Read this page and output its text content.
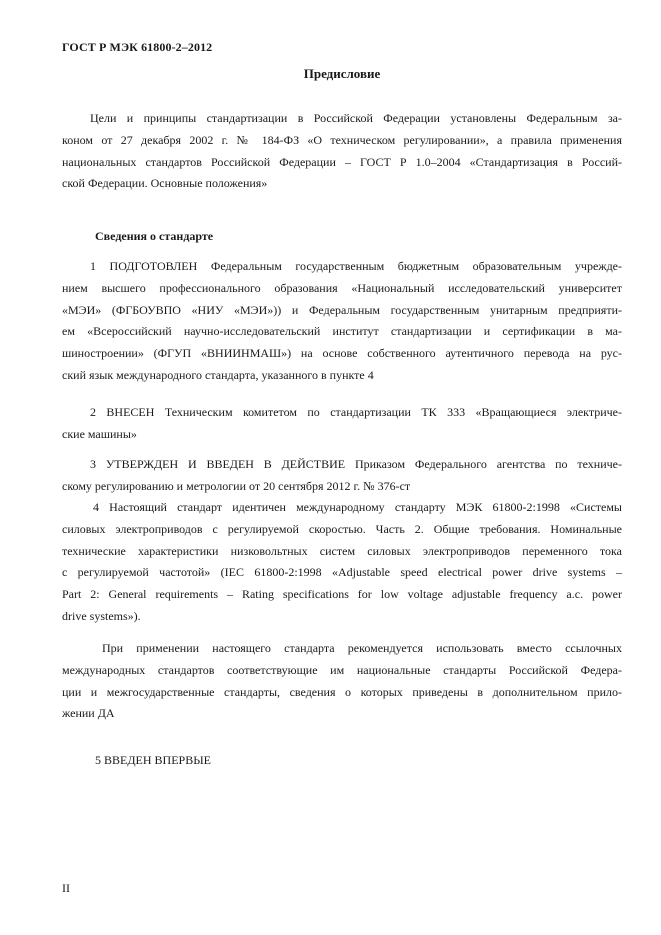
ГОСТ Р МЭК 61800-2–2012
Предисловие
Цели и принципы стандартизации в Российской Федерации установлены Федеральным за-
коном от 27 декабря 2002 г. № 184-ФЗ «О техническом регулировании», а правила применения
национальных стандартов Российской Федерации – ГОСТ Р 1.0–2004 «Стандартизация в Россий-
ской Федерации. Основные положения»
Сведения о стандарте
1 ПОДГОТОВЛЕН Федеральным государственным бюджетным образовательным учрежде-
нием высшего профессионального образования «Национальный исследовательский университет
«МЭИ» (ФГБОУВПО «НИУ «МЭИ»)) и Федеральным государственным унитарным предприяти-
ем «Всероссийский научно-исследовательский институт стандартизации и сертификации в ма-
шиностроении» (ФГУП «ВНИИНМАШ») на основе собственного аутентичного перевода на рус-
ский язык международного стандарта, указанного в пункте 4
2 ВНЕСЕН Техническим комитетом по стандартизации ТК 333 «Вращающиеся электриче-
ские машины»
3 УТВЕРЖДЕН И ВВЕДЕН В ДЕЙСТВИЕ Приказом Федерального агентства по техниче-
скому регулированию и метрологии от 20 сентября 2012 г. № 376-ст
4 Настоящий стандарт идентичен международному стандарту МЭК 61800-2:1998 «Системы
силовых электроприводов с регулируемой скоростью. Часть 2. Общие требования. Номинальные
технические характеристики низковольтных систем силовых электроприводов переменного тока
с регулируемой частотой» (IEC 61800-2:1998 «Adjustable speed electrical power drive systems –
Part 2: General requirements – Rating specifications for low voltage adjustable frequency a.c. power
drive systems»).
При применении настоящего стандарта рекомендуется использовать вместо ссылочных
международных стандартов соответствующие им национальные стандарты Российской Федера-
ции и межгосударственные стандарты, сведения о которых приведены в дополнительном прило-
жении ДА
5 ВВЕДЕН ВПЕРВЫЕ
II
